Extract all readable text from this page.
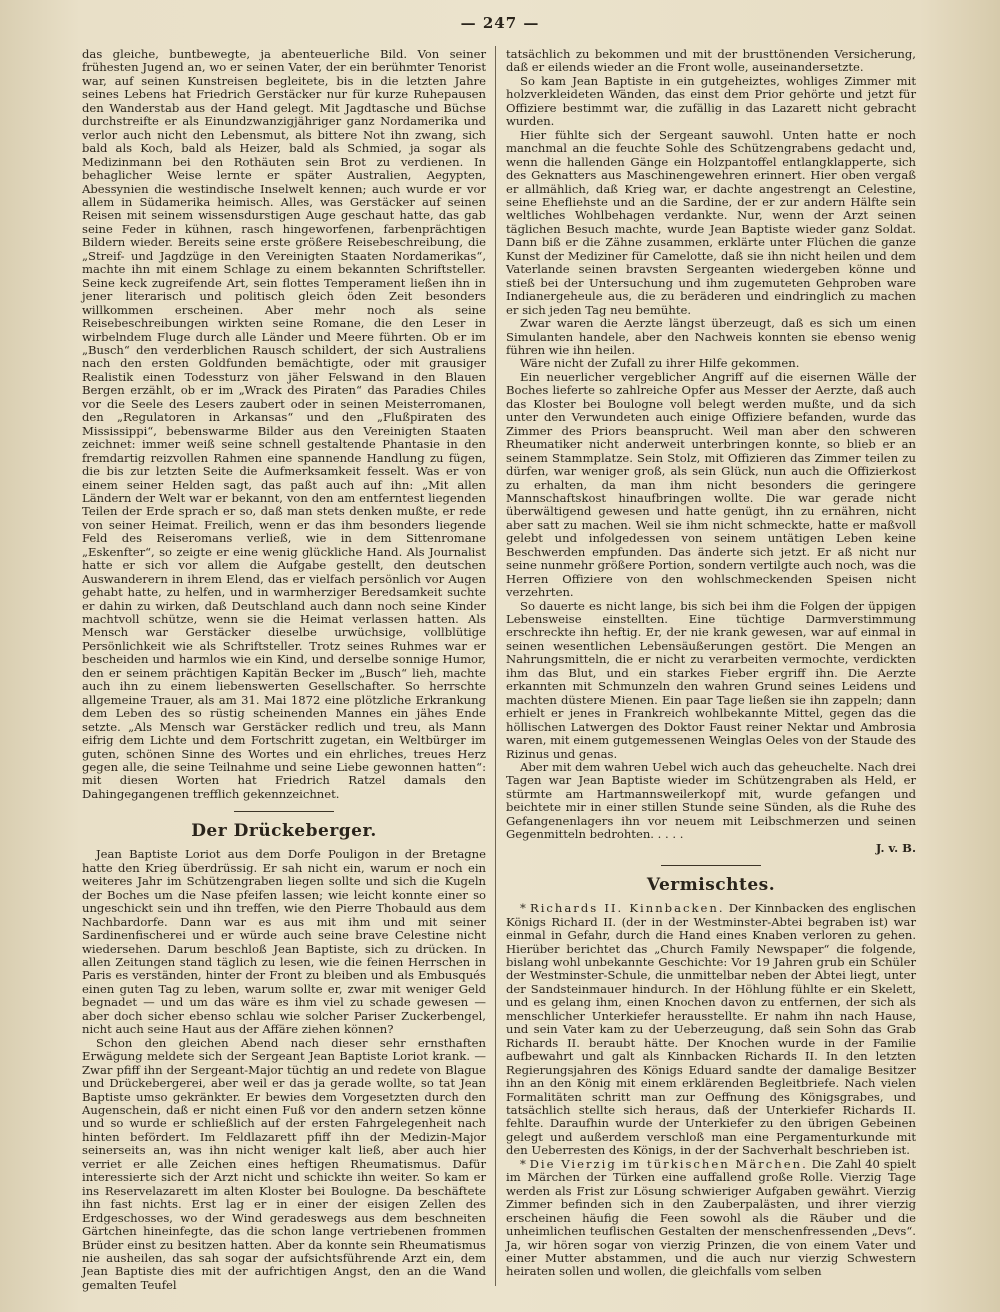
— 247 —

das gleiche, buntbewegte, ja abenteuerliche Bild. Von seiner frühesten Jugend an, wo er seinen Vater, der ein berühmter Tenorist war, auf seinen Kunstreisen begleitete, bis in die letzten Jahre seines Lebens hat Friedrich Gerstäcker nur für kurze Ruhepausen den Wanderstab aus der Hand gelegt. Mit Jagdtasche und Büchse durchstreifte er als Einundzwanzigjähriger ganz Nordamerika und verlor auch nicht den Lebensmut, als bittere Not ihn zwang, sich bald als Koch, bald als Heizer, bald als Schmied, ja sogar als Medizinmann bei den Rothäuten sein Brot zu verdienen. In behaglicher Weise lernte er später Australien, Aegypten, Abessynien die westindische Inselwelt kennen; auch wurde er vor allem in Südamerika heimisch. Alles, was Gerstäcker auf seinen Reisen mit seinem wissensdurstigen Auge geschaut hatte, das gab seine Feder in kühnen, rasch hingeworfenen, farbenprächtigen Bildern wieder. Bereits seine erste größere Reisebeschreibung, die „Streif- und Jagdzüge in den Vereinigten Staaten Nordamerikas“, machte ihn mit einem Schlage zu einem bekannten Schriftsteller. Seine keck zugreifende Art, sein flottes Temperament ließen ihn in jener literarisch und politisch gleich öden Zeit besonders willkommen erscheinen. Aber mehr noch als seine Reisebeschreibungen wirkten seine Romane, die den Leser in wirbelndem Fluge durch alle Länder und Meere führten. Ob er im „Busch“ den verderblichen Rausch schildert, der sich Australiens nach den ersten Goldfunden bemächtigte, oder mit grausiger Realistik einen Todessturz von jäher Felswand in den Blauen Bergen erzählt, ob er im „Wrack des Piraten“ das Paradies Chiles vor die Seele des Lesers zaubert oder in seinen Meisterromanen, den „Regulatoren in Arkansas“ und den „Flußpiraten des Mississippi“, bebenswarme Bilder aus den Vereinigten Staaten zeichnet: immer weiß seine schnell gestaltende Phantasie in den fremdartig reizvollen Rahmen eine spannende Handlung zu fügen, die bis zur letzten Seite die Aufmerksamkeit fesselt. Was er von einem seiner Helden sagt, das paßt auch auf ihn: „Mit allen Ländern der Welt war er bekannt, von den am entferntest liegenden Teilen der Erde sprach er so, daß man stets denken mußte, er rede von seiner Heimat. Freilich, wenn er das ihm besonders liegende Feld des Reiseromans verließ, wie in dem Sittenromane „Eskenfter“, so zeigte er eine wenig glückliche Hand. Als Journalist hatte er sich vor allem die Aufgabe gestellt, den deutschen Auswanderern in ihrem Elend, das er vielfach persönlich vor Augen gehabt hatte, zu helfen, und in warmherziger Beredsamkeit suchte er dahin zu wirken, daß Deutschland auch dann noch seine Kinder machtvoll schütze, wenn sie die Heimat verlassen hatten. Als Mensch war Gerstäcker dieselbe urwüchsige, vollblütige Persönlichkeit wie als Schriftsteller. Trotz seines Ruhmes war er bescheiden und harmlos wie ein Kind, und derselbe sonnige Humor, den er seinem prächtigen Kapitän Becker im „Busch“ lieh, machte auch ihn zu einem liebenswerten Gesellschafter. So herrschte allgemeine Trauer, als am 31. Mai 1872 eine plötzliche Erkrankung dem Leben des so rüstig scheinenden Mannes ein jähes Ende setzte. „Als Mensch war Gerstäcker redlich und treu, als Mann eifrig dem Lichte und dem Fortschritt zugetan, ein Weltbürger im guten, schönen Sinne des Wortes und ein ehrliches, treues Herz gegen alle, die seine Teilnahme und seine Liebe gewonnen hatten“: mit diesen Worten hat Friedrich Ratzel damals den Dahingegangenen trefflich gekennzeichnet.

Der Drückeberger.

Jean Baptiste Loriot aus dem Dorfe Pouligon in der Bretagne hatte den Krieg überdrüssig. Er sah nicht ein, warum er noch ein weiteres Jahr im Schützengraben liegen sollte und sich die Kugeln der Boches um die Nase pfeifen lassen; wie leicht konnte einer so ungeschickt sein und ihn treffen, wie den Pierre Thobauld aus dem Nachbardorfe. Dann war es aus mit ihm und mit seiner Sardinenfischerei und er würde auch seine brave Celestine nicht wiedersehen. Darum beschloß Jean Baptiste, sich zu drücken. In allen Zeitungen stand täglich zu lesen, wie die feinen Herrschen in Paris es verständen, hinter der Front zu bleiben und als Embusqués einen guten Tag zu leben, warum sollte er, zwar mit weniger Geld begnadet — und um das wäre es ihm viel zu schade gewesen — aber doch sicher ebenso schlau wie solcher Pariser Zuckerbengel, nicht auch seine Haut aus der Affäre ziehen können?

Schon den gleichen Abend nach dieser sehr ernsthaften Erwägung meldete sich der Sergeant Jean Baptiste Loriot krank. — Zwar pfiff ihn der Sergeant-Major tüchtig an und redete von Blague und Drückebergerei, aber weil er das ja gerade wollte, so tat Jean Baptiste umso gekränkter. Er bewies dem Vorgesetzten durch den Augenschein, daß er nicht einen Fuß vor den andern setzen könne und so wurde er schließlich auf der ersten Fahrgelegenheit nach hinten befördert. Im Feldlazarett pfiff ihn der Medizin-Major seinerseits an, was ihn nicht weniger kalt ließ, aber auch hier verriet er alle Zeichen eines heftigen Rheumatismus. Dafür interessierte sich der Arzt nicht und schickte ihn weiter. So kam er ins Reservelazarett im alten Kloster bei Boulogne. Da beschäftete ihn fast nichts. Erst lag er in einer der eisigen Zellen des Erdgeschosses, wo der Wind geradeswegs aus dem beschneiten Gärtchen hineinfegte, das die schon lange vertriebenen frommen Brüder einst zu besitzen hatten. Aber da konnte sein Rheumatismus nie ausheilen, das sah sogar der aufsichtsführende Arzt ein, dem Jean Baptiste dies mit der aufrichtigen Angst, den an die Wand gemalten Teufel

tatsächlich zu bekommen und mit der brusttönenden Versicherung, daß er eilends wieder an die Front wolle, auseinandersetzte.

So kam Jean Baptiste in ein gutgeheiztes, wohliges Zimmer mit holzverkleideten Wänden, das einst dem Prior gehörte und jetzt für Offiziere bestimmt war, die zufällig in das Lazarett nicht gebracht wurden.

Hier fühlte sich der Sergeant sauwohl. Unten hatte er noch manchmal an die feuchte Sohle des Schützengrabens gedacht und, wenn die hallenden Gänge ein Holzpantoffel entlangklapperte, sich des Geknatters aus Maschinengewehren erinnert. Hier oben vergaß er allmählich, daß Krieg war, er dachte angestrengt an Celestine, seine Ehefliehste und an die Sardine, der er zur andern Hälfte sein weltliches Wohlbehagen verdankte. Nur, wenn der Arzt seinen täglichen Besuch machte, wurde Jean Baptiste wieder ganz Soldat. Dann biß er die Zähne zusammen, erklärte unter Flüchen die ganze Kunst der Mediziner für Camelotte, daß sie ihn nicht heilen und dem Vaterlande seinen bravsten Sergeanten wiedergeben könne und stieß bei der Untersuchung und ihm zugemuteten Gehproben ware Indianergeheule aus, die zu beräderen und eindringlich zu machen er sich jeden Tag neu bemühte.

Zwar waren die Aerzte längst überzeugt, daß es sich um einen Simulanten handele, aber den Nachweis konnten sie ebenso wenig führen wie ihn heilen.

Wäre nicht der Zufall zu ihrer Hilfe gekommen.

Ein neuerlicher vergeblicher Angriff auf die eisernen Wälle der Boches lieferte so zahlreiche Opfer aus Messer der Aerzte, daß auch das Kloster bei Boulogne voll belegt werden mußte, und da sich unter den Verwundeten auch einige Offiziere befanden, wurde das Zimmer des Priors beansprucht. Weil man aber den schweren Rheumatiker nicht anderweit unterbringen konnte, so blieb er an seinem Stammplatze. Sein Stolz, mit Offizieren das Zimmer teilen zu dürfen, war weniger groß, als sein Glück, nun auch die Offizierkost zu erhalten, da man ihm nicht besonders die geringere Mannschaftskost hinaufbringen wollte. Die war gerade nicht überwältigend gewesen und hatte genügt, ihn zu ernähren, nicht aber satt zu machen. Weil sie ihm nicht schmeckte, hatte er maßvoll gelebt und infolgedessen von seinem untätigen Leben keine Beschwerden empfunden. Das änderte sich jetzt. Er aß nicht nur seine nunmehr größere Portion, sondern vertilgte auch noch, was die Herren Offiziere von den wohlschmeckenden Speisen nicht verzehrten.

So dauerte es nicht lange, bis sich bei ihm die Folgen der üppigen Lebensweise einstellten. Eine tüchtige Darmverstimmung erschreckte ihn heftig. Er, der nie krank gewesen, war auf einmal in seinen wesentlichen Lebensäußerungen gestört. Die Mengen an Nahrungsmitteln, die er nicht zu verarbeiten vermochte, verdickten ihm das Blut, und ein starkes Fieber ergriff ihn. Die Aerzte erkannten mit Schmunzeln den wahren Grund seines Leidens und machten düstere Mienen. Ein paar Tage ließen sie ihn zappeln; dann erhielt er jenes in Frankreich wohlbekannte Mittel, gegen das die höllischen Latwergen des Doktor Faust reiner Nektar und Ambrosia waren, mit einem gutgemessenen Weinglas Oeles von der Staude des Rizinus und genas.

Aber mit dem wahren Uebel wich auch das geheuchelte. Nach drei Tagen war Jean Baptiste wieder im Schützengraben als Held, er stürmte am Hartmannsweilerkopf mit, wurde gefangen und beichtete mir in einer stillen Stunde seine Sünden, als die Ruhe des Gefangenenlagers ihn vor neuem mit Leibschmerzen und seinen Gegenmitteln bedrohten. . . . .

J. v. B.
Vermischtes.

* Richards II. Kinnbacken. Der Kinnbacken des englischen Königs Richard II. (der in der Westminster-Abtei begraben ist) war einmal in Gefahr, durch die Hand eines Knaben verloren zu gehen. Hierüber berichtet das „Church Family Newspaper“ die folgende, bislang wohl unbekannte Geschichte: Vor 19 Jahren grub ein Schüler der Westminster-Schule, die unmittelbar neben der Abtei liegt, unter der Sandsteinmauer hindurch. In der Höhlung fühlte er ein Skelett, und es gelang ihm, einen Knochen davon zu entfernen, der sich als menschlicher Unterkiefer herausstellte. Er nahm ihn nach Hause, und sein Vater kam zu der Ueberzeugung, daß sein Sohn das Grab Richards II. beraubt hätte. Der Knochen wurde in der Familie aufbewahrt und galt als Kinnbacken Richards II. In den letzten Regierungsjahren des Königs Eduard sandte der damalige Besitzer ihn an den König mit einem erklärenden Begleitbriefe. Nach vielen Formalitäten schritt man zur Oeffnung des Königsgrabes, und tatsächlich stellte sich heraus, daß der Unterkiefer Richards II. fehlte. Daraufhin wurde der Unterkiefer zu den übrigen Gebeinen gelegt und außerdem verschloß man eine Pergamenturkunde mit den Ueberresten des Königs, in der der Sachverhalt beschrieben ist.

* Die Vierzig im türkischen Märchen. Die Zahl 40 spielt im Märchen der Türken eine auffallend große Rolle. Vierzig Tage werden als Frist zur Lösung schwieriger Aufgaben gewährt. Vierzig Zimmer befinden sich in den Zauberpalästen, und ihrer vierzig erscheinen häufig die Feen sowohl als die Räuber und die unheimlichen teuflischen Gestalten der menschenfressenden „Devs“. Ja, wir hören sogar von vierzig Prinzen, die von einem Vater und einer Mutter abstammen, und die auch nur vierzig Schwestern heiraten sollen und wollen, die gleichfalls vom selben
